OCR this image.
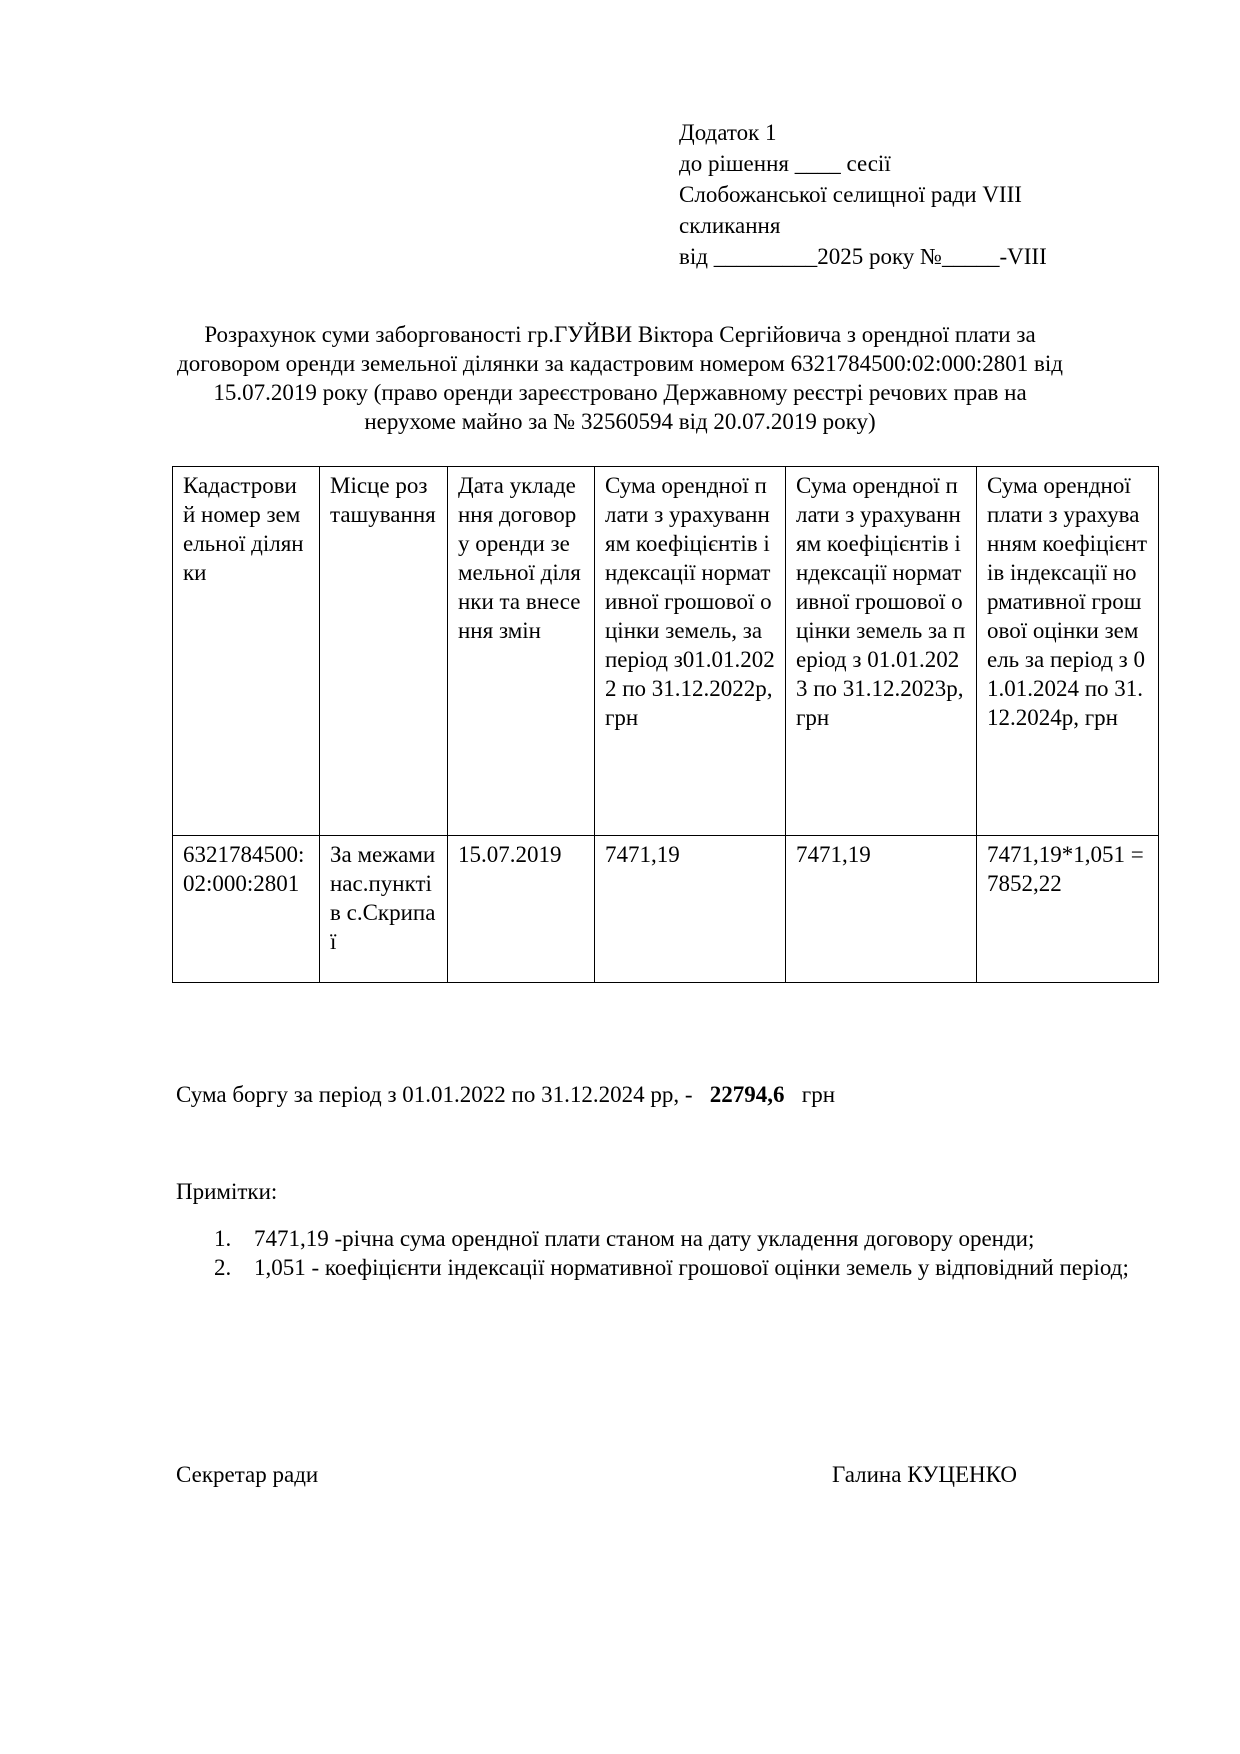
Додаток 1
до рішення ____ сесії
Слобожанської селищної ради VIII
скликання
від _________2025 року №_____-VIII
Розрахунок суми заборгованості гр.ГУЙВИ Віктора Сергійовича з орендної плати за
договором оренди земельної ділянки за кадастровим номером 6321784500:02:000:2801 від
15.07.2019 року (право оренди зареєстровано Державному реєстрі речових прав на
нерухоме майно за № 32560594 від 20.07.2019 року)
Кадастровий номер земельної ділянки	Місце розташування	Дата укладення договору оренди земельної ділянки та внесення змін	Сума орендної плати з урахуванням коефіцієнтів індексації нормативної грошової оцінки земель, за період з01.01.2022 по 31.12.2022р, грн	Сума орендної плати з урахуванням коефіцієнтів індексації нормативної грошової оцінки земель за період з 01.01.2023 по 31.12.2023р, грн	Сума орендної плати з урахуванням коефіцієнтів індексації нормативної грошової оцінки земель за період з 01.01.2024 по 31.12.2024р, грн
6321784500:02:000:2801	За межами нас.пунктів с.Скрипаї	15.07.2019	7471,19	7471,19	7471,19*1,051 =7852,22
Сума боргу за період з 01.01.2022 по 31.12.2024 рр, - 22794,6 грн
Примітки:
1. 7471,19 -річна сума орендної плати станом на дату укладення договору оренди;
2. 1,051 - коефіцієнти індексації нормативної грошової оцінки земель у відповідний період;
Секретар ради	Галина КУЦЕНКО
